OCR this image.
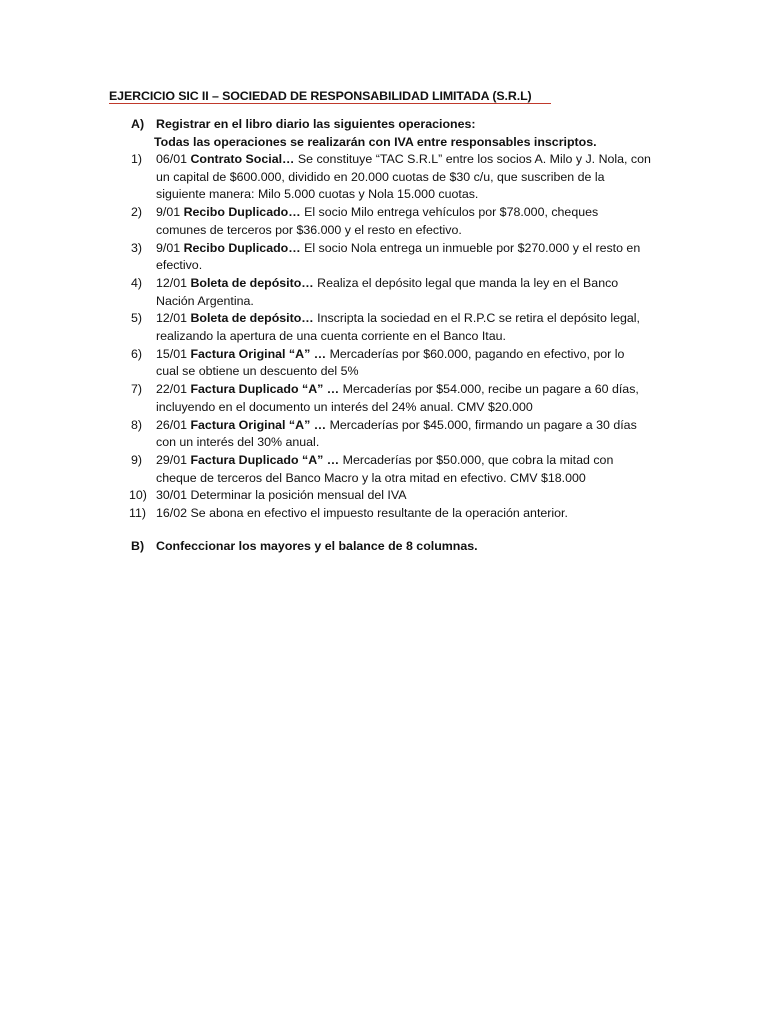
EJERCICIO SIC II – SOCIEDAD DE RESPONSABILIDAD LIMITADA (S.R.L)
A) Registrar en el libro diario las siguientes operaciones:
Todas las operaciones se realizarán con IVA entre responsables inscriptos.
1) 06/01 Contrato Social… Se constituye “TAC S.R.L” entre los socios A. Milo y J. Nola, con
un capital de $600.000, dividido en 20.000 cuotas de $30 c/u, que suscriben de la
siguiente manera: Milo 5.000 cuotas y Nola 15.000 cuotas.
2) 9/01 Recibo Duplicado… El socio Milo entrega vehículos por $78.000, cheques
comunes de terceros por $36.000 y el resto en efectivo.
3) 9/01 Recibo Duplicado… El socio Nola entrega un inmueble por $270.000 y el resto en
efectivo.
4) 12/01 Boleta de depósito… Realiza el depósito legal que manda la ley en el Banco
Nación Argentina.
5) 12/01 Boleta de depósito… Inscripta la sociedad en el R.P.C se retira el depósito legal,
realizando la apertura de una cuenta corriente en el Banco Itau.
6) 15/01 Factura Original “A” … Mercaderías por $60.000, pagando en efectivo, por lo
cual se obtiene un descuento del 5%
7) 22/01 Factura Duplicado “A” … Mercaderías por $54.000, recibe un pagare a 60 días,
incluyendo en el documento un interés del 24% anual. CMV $20.000
8) 26/01 Factura Original “A” … Mercaderías por $45.000, firmando un pagare a 30 días
con un interés del 30% anual.
9) 29/01 Factura Duplicado “A” … Mercaderías por $50.000, que cobra la mitad con
cheque de terceros del Banco Macro y la otra mitad en efectivo. CMV $18.000
10) 30/01 Determinar la posición mensual del IVA
11) 16/02 Se abona en efectivo el impuesto resultante de la operación anterior.
B) Confeccionar los mayores y el balance de 8 columnas.
